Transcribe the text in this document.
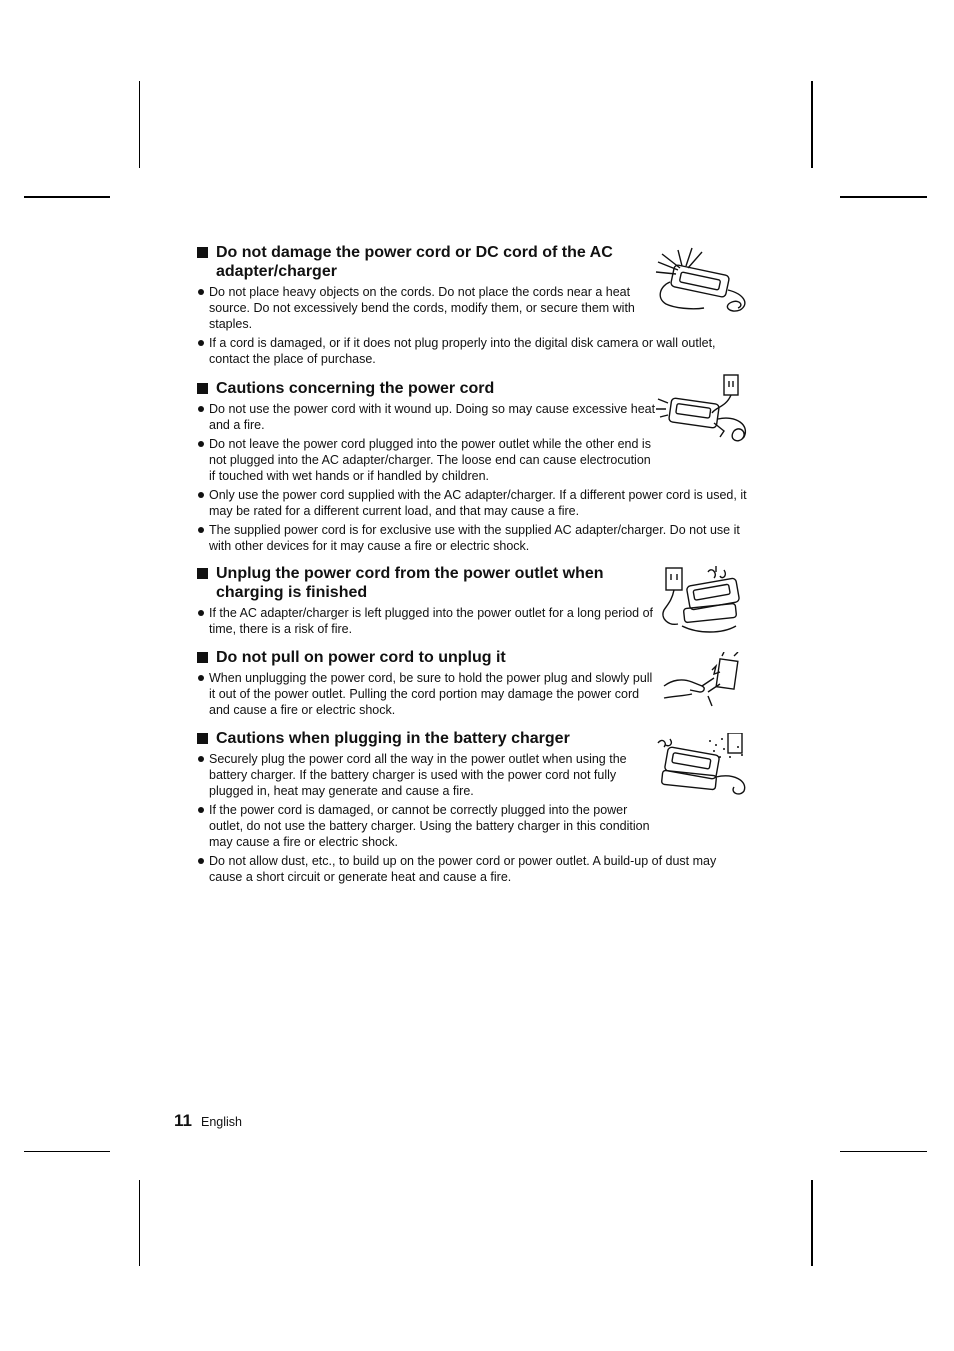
Do not damage the power cord or DC cord of the AC adapter/charger
Do not place heavy objects on the cords. Do not place the cords near a heat source. Do not excessively bend the cords, modify them, or secure them with staples.
If a cord is damaged, or if it does not plug properly into the digital disk camera or wall outlet, contact the place of purchase.
Cautions concerning the power cord
Do not use the power cord with it wound up. Doing so may cause excessive heat and a fire.
Do not leave the power cord plugged into the power outlet while the other end is not plugged into the AC adapter/charger. The loose end can cause electrocution if touched with wet hands or if handled by children.
Only use the power cord supplied with the AC adapter/charger. If a different power cord is used, it may be rated for a different current load, and that may cause a fire.
The supplied power cord is for exclusive use with the supplied AC adapter/charger. Do not use it with other devices for it may cause a fire or electric shock.
Unplug the power cord from the power outlet when charging is finished
If the AC adapter/charger is left plugged into the power outlet for a long period of time, there is a risk of fire.
Do not pull on power cord to unplug it
When unplugging the power cord, be sure to hold the power plug and slowly pull it out of the power outlet. Pulling the cord portion may damage the power cord and cause a fire or electric shock.
Cautions when plugging in the battery charger
Securely plug the power cord all the way in the power outlet when using the battery charger. If the battery charger is used with the power cord not fully plugged in, heat may generate and cause a fire.
If the power cord is damaged, or cannot be correctly plugged into the power outlet, do not use the battery charger. Using the battery charger in this condition may cause a fire or electric shock.
Do not allow dust, etc., to build up on the power cord or power outlet. A build-up of dust may cause a short circuit or generate heat and cause a fire.
11 English
